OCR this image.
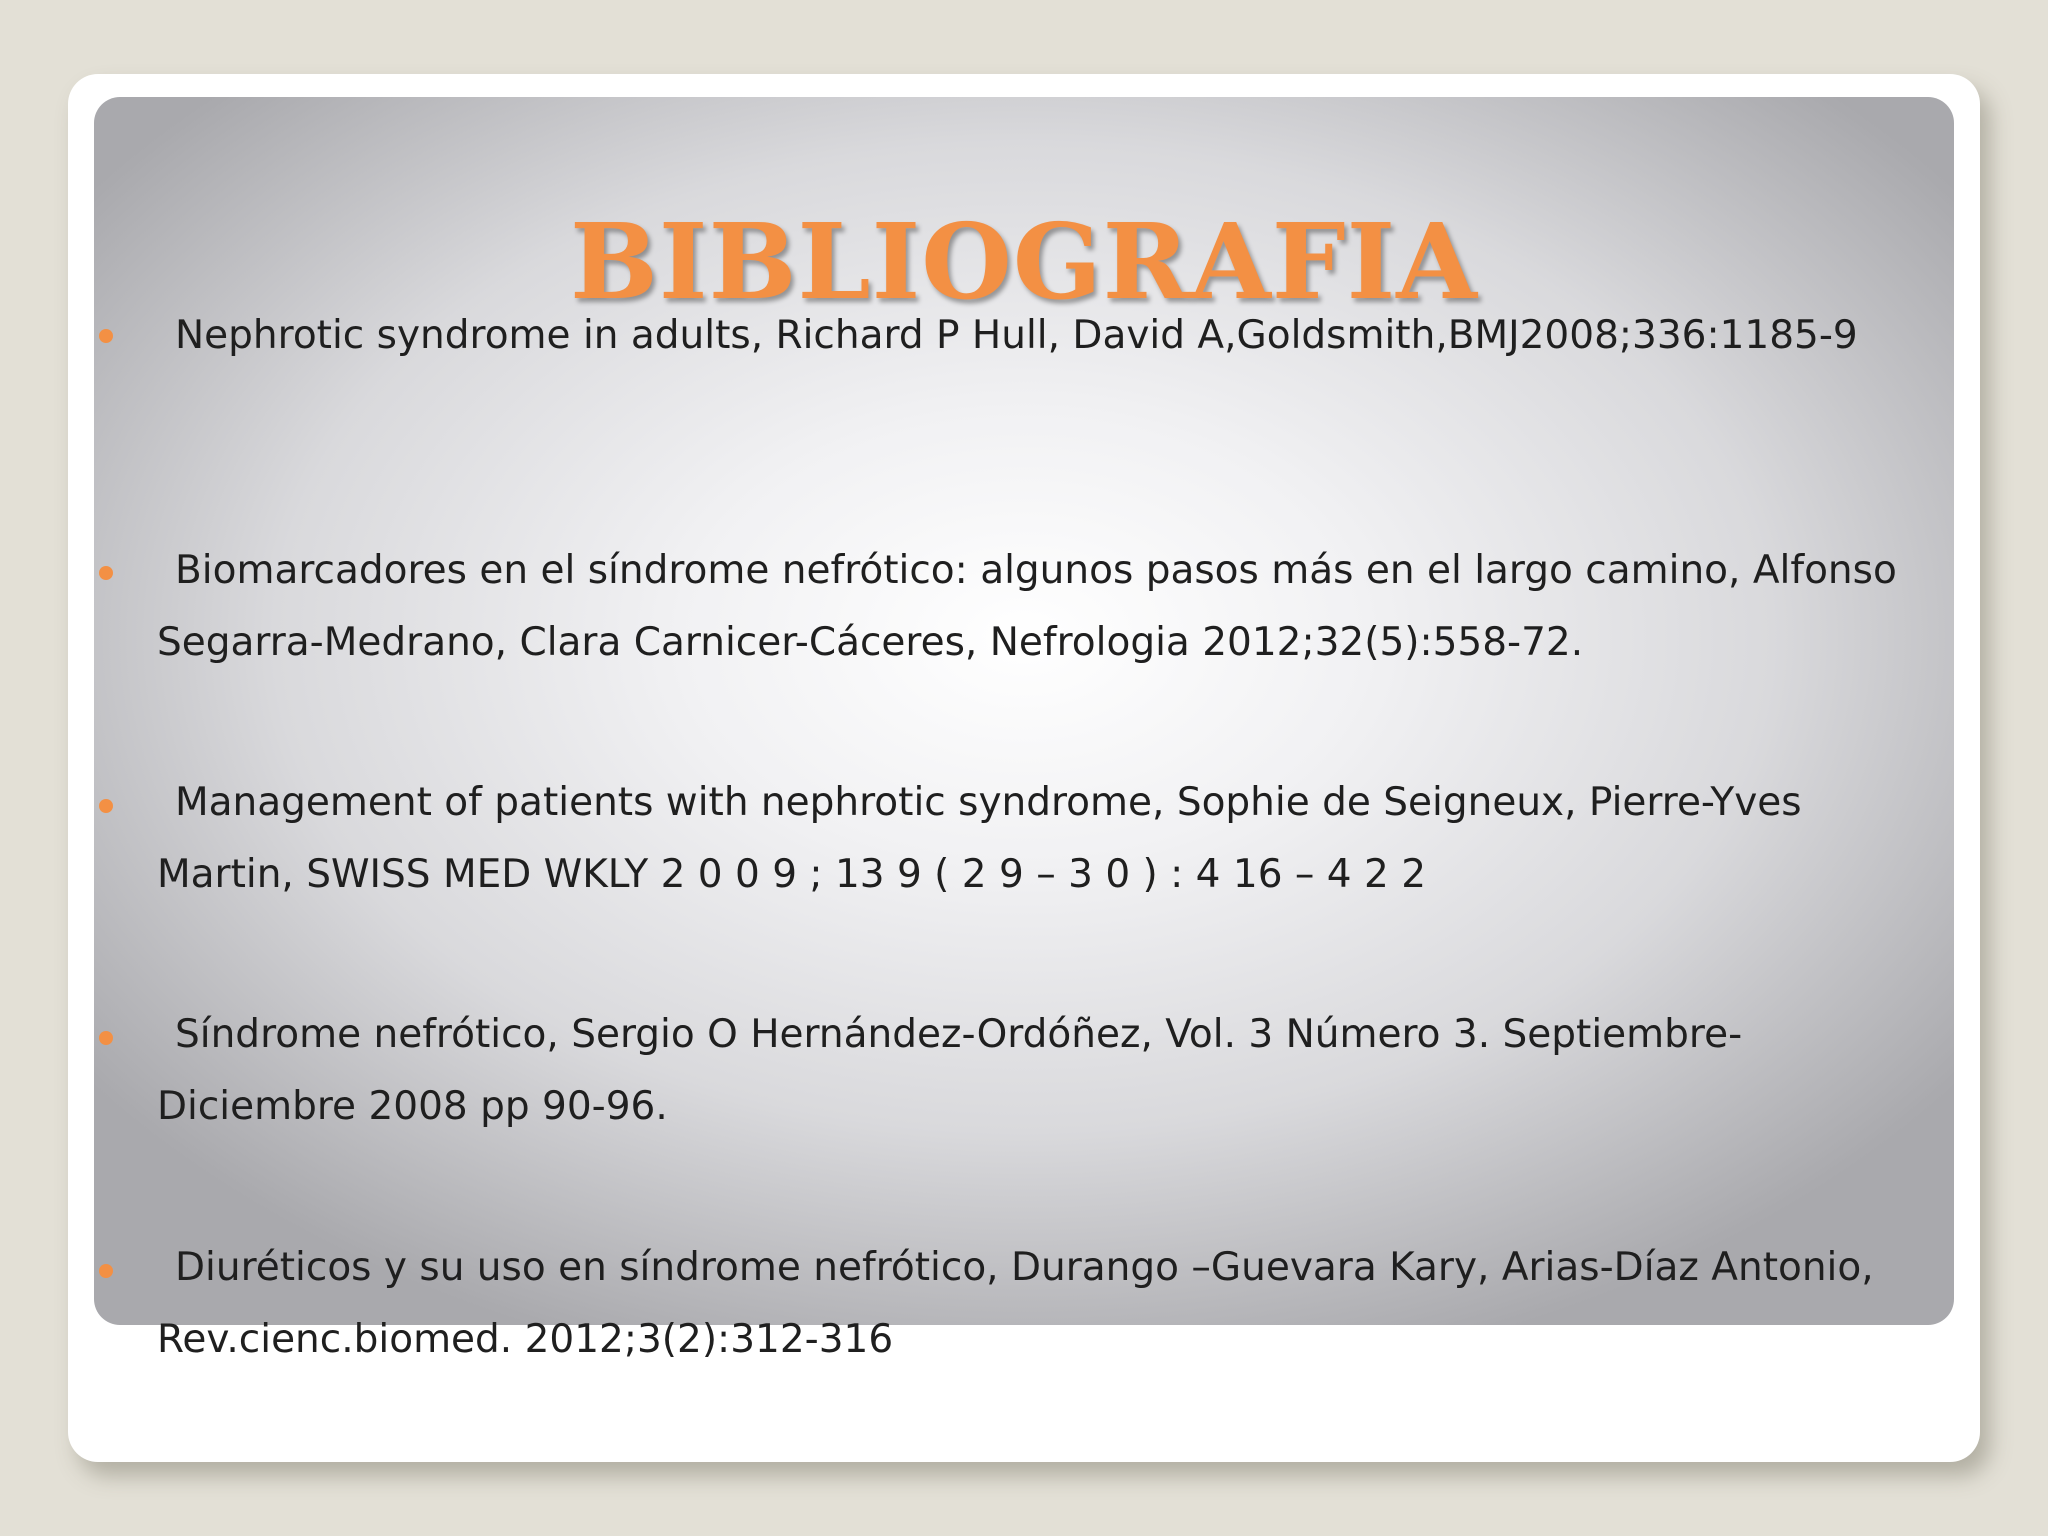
BIBLIOGRAFIA
Nephrotic syndrome in adults, Richard P Hull, David A,Goldsmith,BMJ2008;336:1185-9
Biomarcadores en el síndrome nefrótico: algunos pasos más en el largo camino, Alfonso Segarra-Medrano, Clara Carnicer-Cáceres, Nefrologia 2012;32(5):558-72.
Management of patients with nephrotic syndrome, Sophie de Seigneux, Pierre-Yves Martin, SWISS MED WKLY 2 0 0 9 ; 13 9 ( 2 9 – 3 0 ) : 4 16 – 4 2 2
Síndrome nefrótico, Sergio O Hernández-Ordóñez, Vol. 3 Número 3. Septiembre-Diciembre 2008 pp 90-96.
Diuréticos y su uso en síndrome nefrótico, Durango –Guevara Kary, Arias-Díaz Antonio, Rev.cienc.biomed. 2012;3(2):312-316
